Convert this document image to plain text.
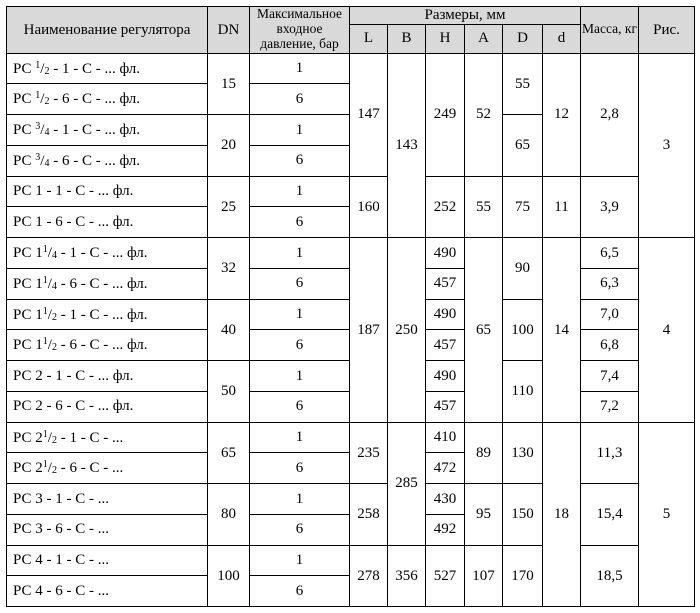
Наименование регулятора	DN	Максимальное входное давление, бар	Размеры, мм						Масса, кг	Рис.
			L	B	H	A	D	d		
РС $^1/_2 - 1$ - С - ... фл.	15	1	147	143	249	52	55	12	2,8	3
РС $^1/_2 - 6$ - С - ... фл.		6								
РС $^3/_4 - 1$ - С - ... фл.	20	1					65			
РС $^3/_4 - 6$ - С - ... фл.		6								
РС 1 - 1 - С - ... фл.	25	1	160		252	55	75	11	3,9	
РС 1 - 6 - С - ... фл.		6								
РС $1^1/_4 - 1$ - С - ... фл.	32	1	187	250	490	65	90	14	6,5	4
РС $1^1/_4 - 6$ - С - ... фл.		6			457				6,3	
РС $1^1/_2 - 1$ - С - ... фл.	40	1			490		100		7,0	
РС $1^1/_2 - 6$ - С - ... фл.		6			457				6,8	
РС 2 - 1 - С - ... фл.	50	1			490		110		7,4	
РС 2 - 6 - С - ... фл.		6			457				7,2	
РС $2^1/_2 - 1$ - С - ...	65	1	235	285	410	89	130	18	11,3	5
РС $2^1/_2 - 6$ - С - ...		6			472					
РС 3 - 1 - С - ...	80	1	258		430	95	150		15,4	
РС 3 - 6 - С - ...		6			492					
РС 4 - 1 - С - ...	100	1	278	356	527	107	170		18,5	
РС 4 - 6 - С - ...		6								
